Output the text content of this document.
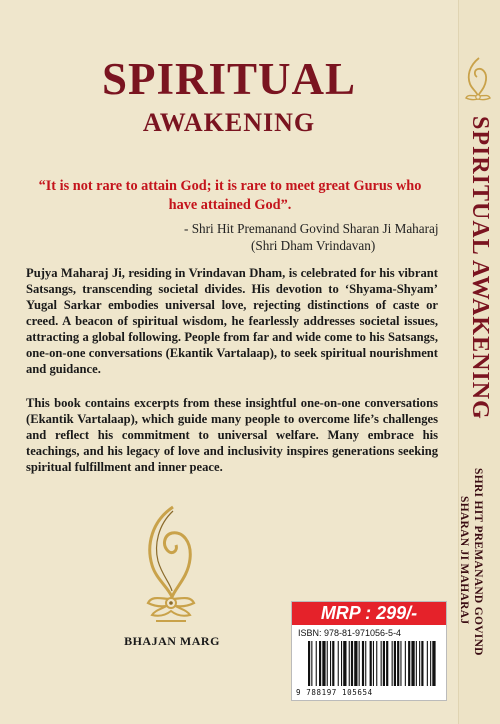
SPIRITUAL
AWAKENING
“It is not rare to attain God; it is rare to meet great Gurus who have attained God”.
- Shri Hit Premanand Govind Sharan Ji Maharaj
(Shri Dham Vrindavan)

Pujya Maharaj Ji, residing in Vrindavan Dham, is celebrated for his vibrant Satsangs, transcending societal divides. His devotion to ‘Shyama-Shyam’ Yugal Sarkar embodies universal love, rejecting distinctions of caste or creed. A beacon of spiritual wisdom, he fearlessly addresses societal issues, attracting a global following. People from far and wide come to his Satsangs, one-on-one conversations (Ekantik Vartalaap), to seek spiritual nourishment and guidance.

This book contains excerpts from these insightful one-on-one conversations (Ekantik Vartalaap), which guide many people to overcome life’s challenges and reflect his commitment to universal welfare. Many embrace his teachings, and his legacy of love and inclusivity inspires generations seeking spiritual fulfillment and inner peace.

BHAJAN MARG
MRP : 299/-
ISBN: 978-81-971056-5-4
9 788197 105654
SPIRITUAL AWAKENING
SHRI HIT PREMANAND GOVIND
SHARAN JI MAHARAJ
